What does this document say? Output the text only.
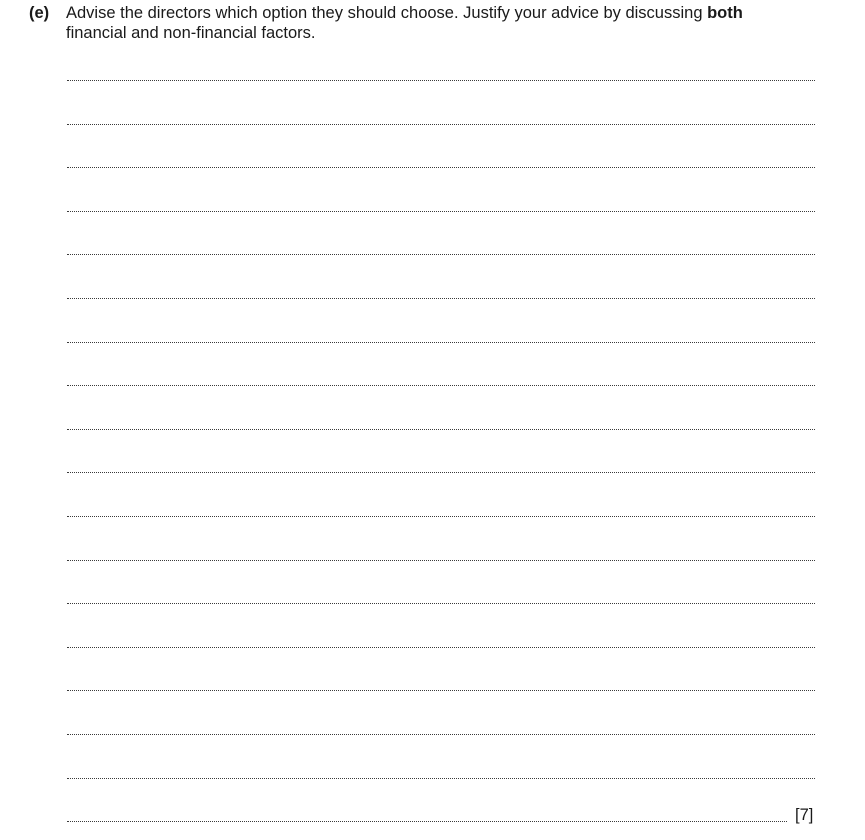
(e) Advise the directors which option they should choose. Justify your advice by discussing both
financial and non-financial factors.
[7]
